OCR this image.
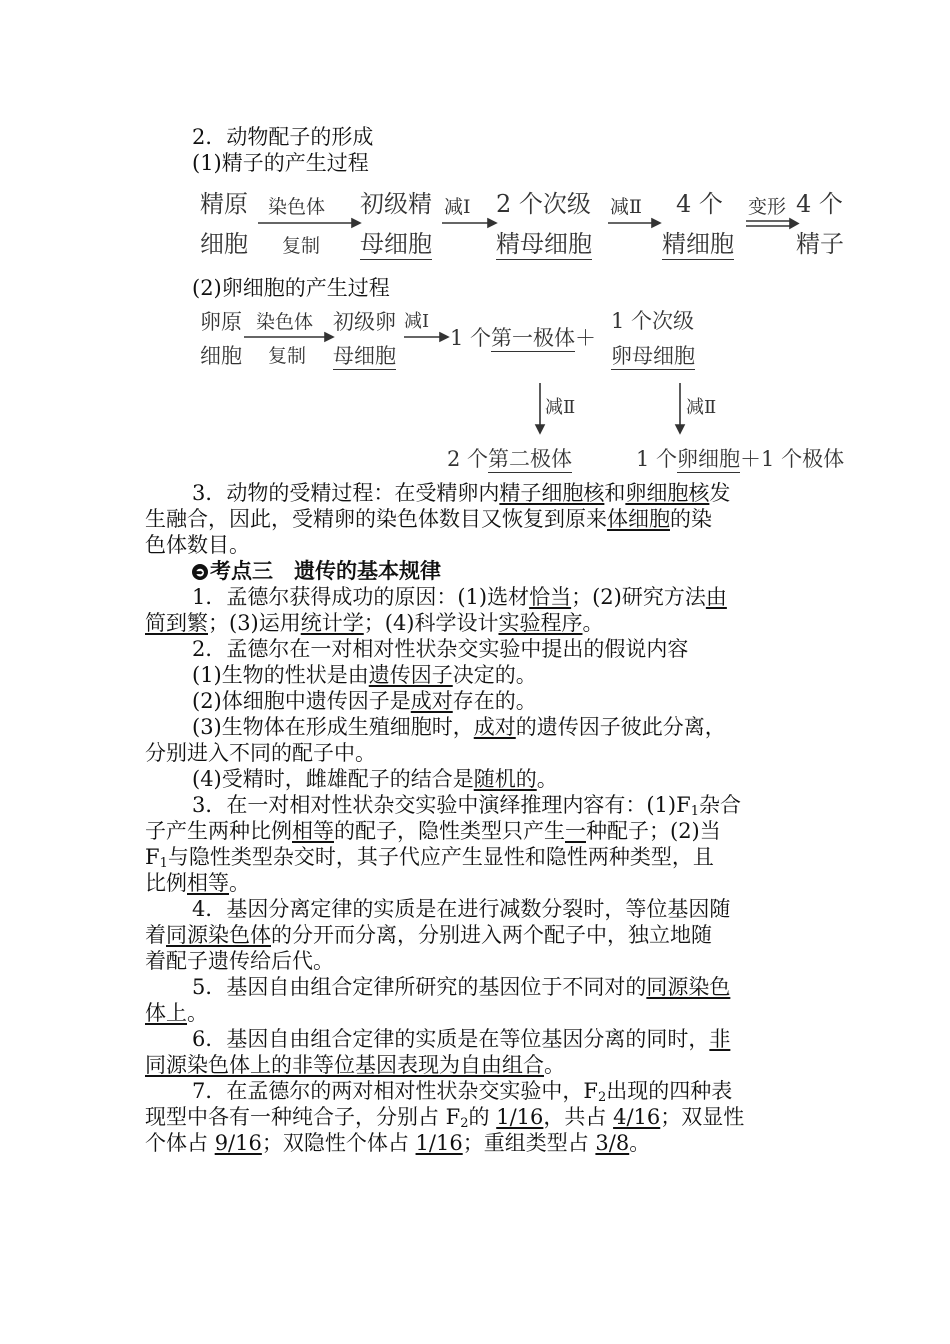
2．动物配子的形成
(1)精子的产生过程
精原
细胞
染色体
复制
初级精
母细胞
减Ⅰ 2 个次级
精母细胞
减Ⅱ 4 个
精细胞
变形 4 个
精子
(2)卵细胞的产生过程
卵原
细胞
染色体
复制
初级卵
母细胞
减Ⅰ
1 个第一极体＋
1 个次级
卵母细胞
减Ⅱ	减Ⅱ
2 个第二极体	1 个卵细胞＋1 个极体
3．动物的受精过程：在受精卵内精子细胞核和卵细胞核发
生融合，因此，受精卵的染色体数目又恢复到原来体细胞的染
色体数目。
➲ 考点三　遗传的基本规律
1．孟德尔获得成功的原因：(1)选材恰当；(2)研究方法由
简到繁；(3)运用统计学；(4)科学设计实验程序。
2．孟德尔在一对相对性状杂交实验中提出的假说内容
(1)生物的性状是由遗传因子决定的。
(2)体细胞中遗传因子是成对存在的。
(3)生物体在形成生殖细胞时，成对的遗传因子彼此分离，
分别进入不同的配子中。
(4)受精时，雌雄配子的结合是随机的。
3．在一对相对性状杂交实验中演绎推理内容有：$(1)F_1$杂合
子产生两种比例相等的配子，隐性类型只产生一种配子；(2)当
$F_1$与隐性类型杂交时，其子代应产生显性和隐性两种类型，且
比例相等。
4．基因分离定律的实质是在进行减数分裂时，等位基因随
着同源染色体的分开而分离，分别进入两个配子中，独立地随
着配子遗传给后代。
5．基因自由组合定律所研究的基因位于不同对的同源染色
体上。
6．基因自由组合定律的实质是在等位基因分离的同时，非
同源染色体上的非等位基因表现为自由组合。
7．在孟德尔的两对相对性状杂交实验中，$F_2$出现的四种表
现型中各有一种纯合子，分别占 $F_2$的 1/16，共占 4/16；双显性
个体占 9/16；双隐性个体占 1/16；重组类型占 3/8。
